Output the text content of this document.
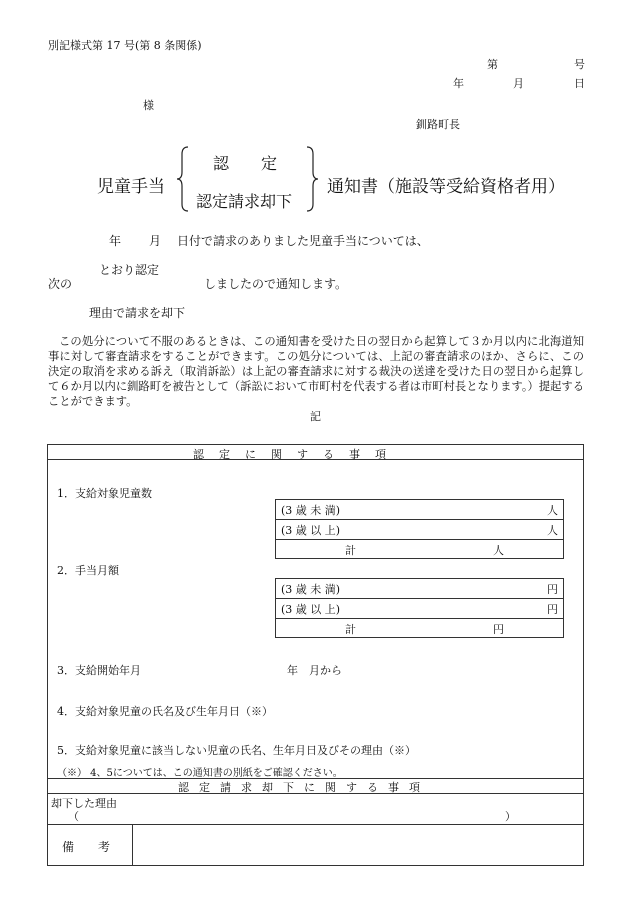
別記様式第 17 号(第 8 条関係)
第	号
年	月	日
様
釧路町長
児童手当
認　　定
認定請求却下
通知書（施設等受給資格者用）
年 月 日付で請求のありました児童手当については、
とおり認定
次の	しましたので通知します。
理由で請求を却下
この処分について不服のあるときは、この通知書を受けた日の翌日から起算して３か月以内に北海道知事に対して審査請求をすることができます。この処分については、上記の審査請求のほか、さらに、この決定の取消を求める訴え（取消訴訟）は上記の審査請求に対する裁決の送達を受けた日の翌日から起算して６か月以内に釧路町を被告として（訴訟において市町村を代表する者は市町村長となります。）提起することができます。
記
認定に関する事項
1．支給対象児童数
(3 歳 未 満)	人
(3 歳 以 上)	人
計	人
2．手当月額
(3 歳 未 満)	円
(3 歳 以 上)	円
計	円
3．支給開始年月	年　月から
4．支給対象児童の氏名及び生年月日（※）
5．支給対象児童に該当しない児童の氏名、生年月日及びその理由（※）
（※） 4、5については、この通知書の別紙をご確認ください。
認定請求却下に関する事項
却下した理由
（	）
備　　考
